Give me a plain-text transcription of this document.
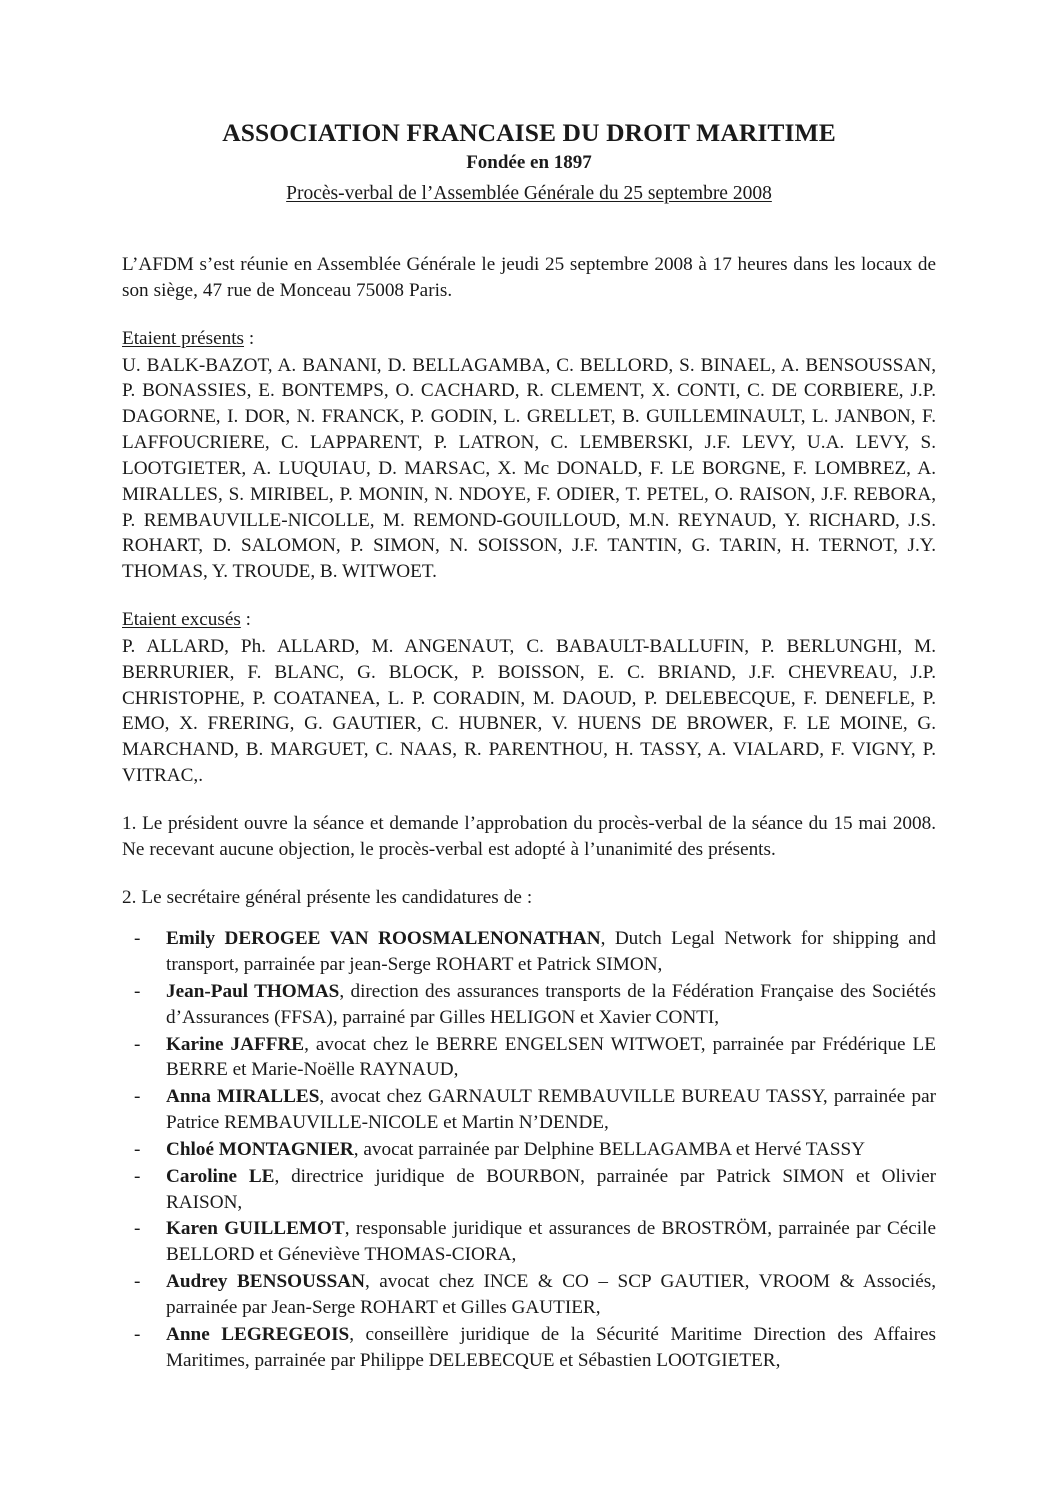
ASSOCIATION FRANCAISE DU DROIT MARITIME
Fondée en 1897
Procès-verbal de l’Assemblée Générale du 25 septembre 2008

L’AFDM s’est réunie en Assemblée Générale le jeudi 25 septembre 2008 à 17 heures dans les locaux de son siège, 47 rue de Monceau 75008 Paris.

Etaient présents :
U. BALK-BAZOT, A. BANANI, D. BELLAGAMBA, C. BELLORD, S. BINAEL, A. BENSOUSSAN, P. BONASSIES, E. BONTEMPS, O. CACHARD, R. CLEMENT, X. CONTI, C. DE CORBIERE, J.P. DAGORNE, I. DOR, N. FRANCK, P. GODIN, L. GRELLET, B. GUILLEMINAULT, L. JANBON, F. LAFFOUCRIERE, C. LAPPARENT, P. LATRON, C. LEMBERSKI, J.F. LEVY, U.A. LEVY, S. LOOTGIETER, A. LUQUIAU, D. MARSAC, X. Mc DONALD, F. LE BORGNE, F. LOMBREZ, A. MIRALLES, S. MIRIBEL, P. MONIN, N. NDOYE, F. ODIER, T. PETEL, O. RAISON, J.F. REBORA, P. REMBAUVILLE-NICOLLE, M. REMOND-GOUILLOUD, M.N. REYNAUD, Y. RICHARD, J.S. ROHART, D. SALOMON, P. SIMON, N. SOISSON, J.F. TANTIN, G. TARIN, H. TERNOT, J.Y. THOMAS, Y. TROUDE, B. WITWOET.
Etaient excusés :
P. ALLARD, Ph. ALLARD, M. ANGENAUT, C. BABAULT-BALLUFIN, P. BERLUNGHI, M. BERRURIER, F. BLANC, G. BLOCK, P. BOISSON, E. C. BRIAND, J.F. CHEVREAU, J.P. CHRISTOPHE, P. COATANEA, L. P. CORADIN, M. DAOUD, P. DELEBECQUE, F. DENEFLE, P. EMO, X. FRERING, G. GAUTIER, C. HUBNER, V. HUENS DE BROWER, F. LE MOINE, G. MARCHAND, B. MARGUET, C. NAAS, R. PARENTHOU, H. TASSY, A. VIALARD, F. VIGNY, P. VITRAC,.

1. Le président ouvre la séance et demande l’approbation du procès-verbal de la séance du 15 mai 2008. Ne recevant aucune objection, le procès-verbal est adopté à l’unanimité des présents.

2. Le secrétaire général présente les candidatures de :

- Emily DEROGEE VAN ROOSMALENONATHAN, Dutch Legal Network for shipping and transport, parrainée par jean-Serge ROHART et Patrick SIMON,
- Jean-Paul THOMAS, direction des assurances transports de la Fédération Française des Sociétés d’Assurances (FFSA), parrainé par Gilles HELIGON et Xavier CONTI,
- Karine JAFFRE, avocat chez le BERRE ENGELSEN WITWOET, parrainée par Frédérique LE BERRE et Marie-Noëlle RAYNAUD,
- Anna MIRALLES, avocat chez GARNAULT REMBAUVILLE BUREAU TASSY, parrainée par Patrice REMBAUVILLE-NICOLE et Martin N’DENDE,
- Chloé MONTAGNIER, avocat parrainée par Delphine BELLAGAMBA et Hervé TASSY
- Caroline LE, directrice juridique de BOURBON, parrainée par Patrick SIMON et Olivier RAISON,
- Karen GUILLEMOT, responsable juridique et assurances de BROSTRÖM, parrainée par Cécile BELLORD et Géneviève THOMAS-CIORA,
- Audrey BENSOUSSAN, avocat chez INCE & CO – SCP GAUTIER, VROOM & Associés, parrainée par Jean-Serge ROHART et Gilles GAUTIER,
- Anne LEGREGEOIS, conseillère juridique de la Sécurité Maritime Direction des Affaires Maritimes, parrainée par Philippe DELEBECQUE et Sébastien LOOTGIETER,
